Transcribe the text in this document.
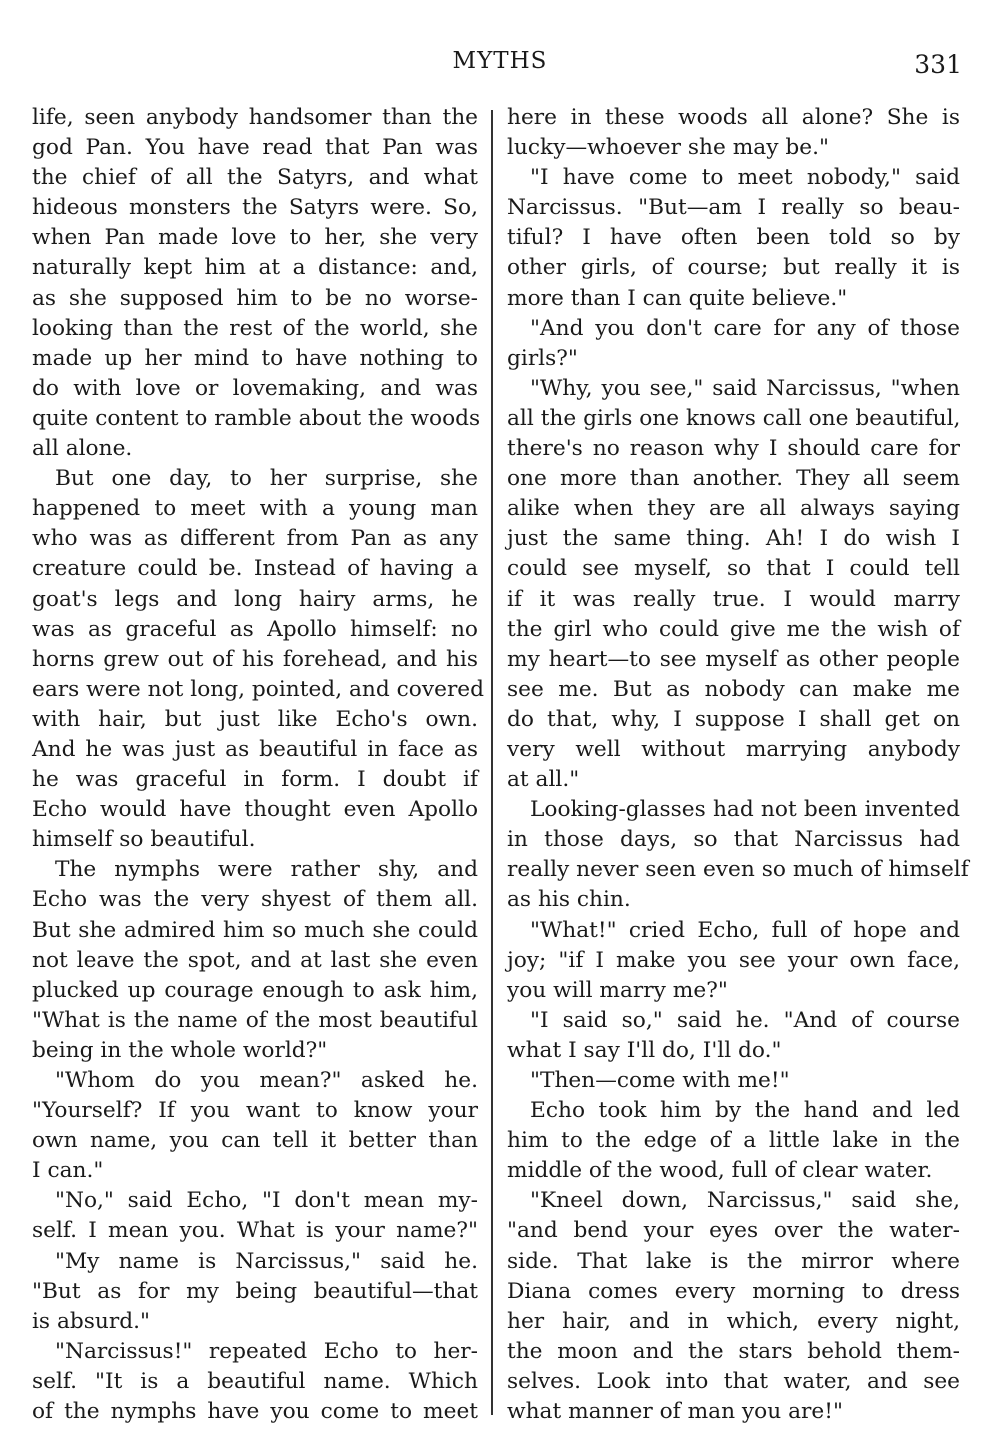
MYTHS	331
life, seen anybody handsomer than the
god Pan. You have read that Pan was
the chief of all the Satyrs, and what
hideous monsters the Satyrs were. So,
when Pan made love to her, she very
naturally kept him at a distance: and,
as she supposed him to be no worse-
looking than the rest of the world, she
made up her mind to have nothing to
do with love or lovemaking, and was
quite content to ramble about the woods
all alone.
But one day, to her surprise, she
happened to meet with a young man
who was as different from Pan as any
creature could be. Instead of having a
goat's legs and long hairy arms, he
was as graceful as Apollo himself: no
horns grew out of his forehead, and his
ears were not long, pointed, and covered
with hair, but just like Echo's own.
And he was just as beautiful in face as
he was graceful in form. I doubt if
Echo would have thought even Apollo
himself so beautiful.
The nymphs were rather shy, and
Echo was the very shyest of them all.
But she admired him so much she could
not leave the spot, and at last she even
plucked up courage enough to ask him,
"What is the name of the most beautiful
being in the whole world?"
"Whom do you mean?" asked he.
"Yourself? If you want to know your
own name, you can tell it better than
I can."
"No," said Echo, "I don't mean my-
self. I mean you. What is your name?"
"My name is Narcissus," said he.
"But as for my being beautiful—that
is absurd."
"Narcissus!" repeated Echo to her-
self. "It is a beautiful name. Which
of the nymphs have you come to meet
here in these woods all alone? She is
lucky—whoever she may be."
"I have come to meet nobody," said
Narcissus. "But—am I really so beau-
tiful? I have often been told so by
other girls, of course; but really it is
more than I can quite believe."
"And you don't care for any of those
girls?"
"Why, you see," said Narcissus, "when
all the girls one knows call one beautiful,
there's no reason why I should care for
one more than another. They all seem
alike when they are all always saying
just the same thing. Ah! I do wish I
could see myself, so that I could tell
if it was really true. I would marry
the girl who could give me the wish of
my heart—to see myself as other people
see me. But as nobody can make me
do that, why, I suppose I shall get on
very well without marrying anybody
at all."
Looking-glasses had not been invented
in those days, so that Narcissus had
really never seen even so much of himself
as his chin.
"What!" cried Echo, full of hope and
joy; "if I make you see your own face,
you will marry me?"
"I said so," said he. "And of course
what I say I'll do, I'll do."
"Then—come with me!"
Echo took him by the hand and led
him to the edge of a little lake in the
middle of the wood, full of clear water.
"Kneel down, Narcissus," said she,
"and bend your eyes over the water-
side. That lake is the mirror where
Diana comes every morning to dress
her hair, and in which, every night,
the moon and the stars behold them-
selves. Look into that water, and see
what manner of man you are!"
